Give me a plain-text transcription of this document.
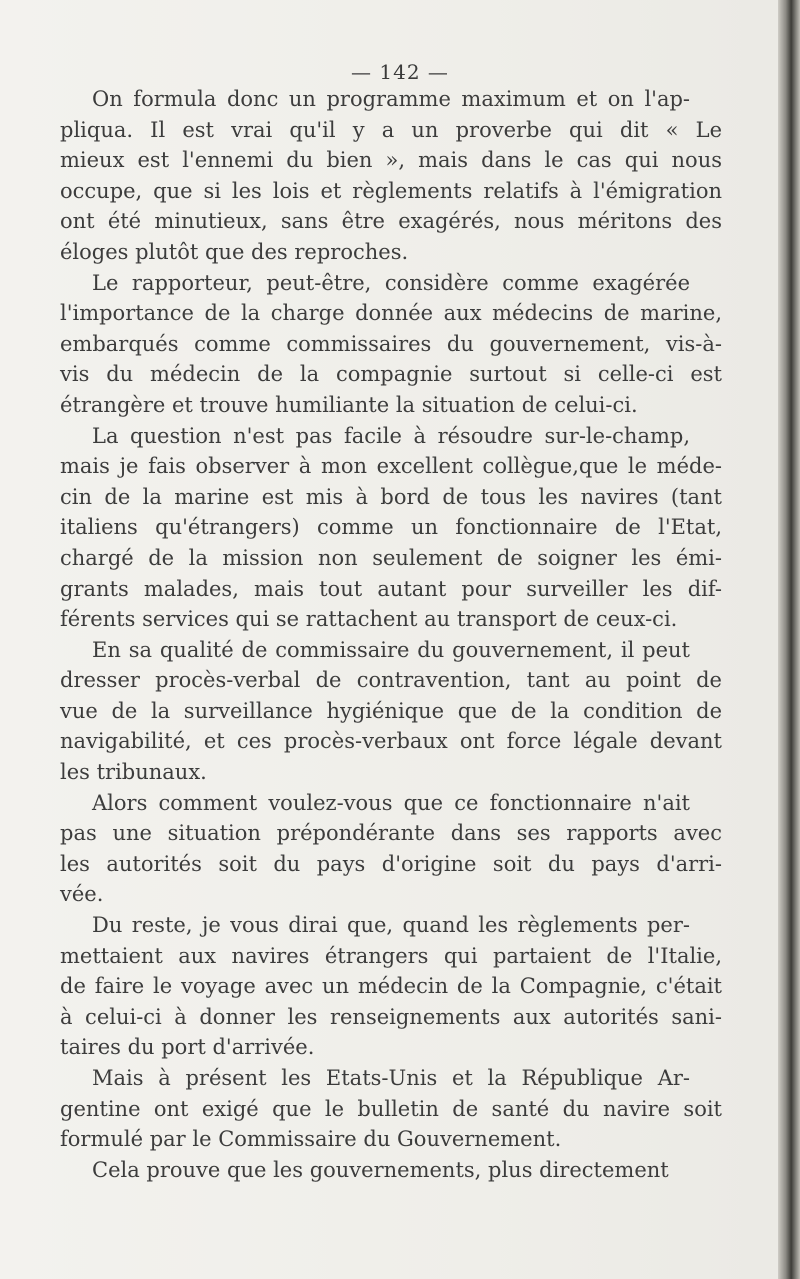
— 142 —

On formula donc un programme maximum et on l'ap-
pliqua. Il est vrai qu'il y a un proverbe qui dit « Le
mieux est l'ennemi du bien », mais dans le cas qui nous
occupe, que si les lois et règlements relatifs à l'émigration
ont été minutieux, sans être exagérés, nous méritons des
éloges plutôt que des reproches.

Le rapporteur, peut-être, considère comme exagérée
l'importance de la charge donnée aux médecins de marine,
embarqués comme commissaires du gouvernement, vis-à-
vis du médecin de la compagnie surtout si celle-ci est
étrangère et trouve humiliante la situation de celui-ci.

La question n'est pas facile à résoudre sur-le-champ,
mais je fais observer à mon excellent collègue,que le méde-
cin de la marine est mis à bord de tous les navires (tant
italiens qu'étrangers) comme un fonctionnaire de l'Etat,
chargé de la mission non seulement de soigner les émi-
grants malades, mais tout autant pour surveiller les dif-
férents services qui se rattachent au transport de ceux-ci.

En sa qualité de commissaire du gouvernement, il peut
dresser procès-verbal de contravention, tant au point de
vue de la surveillance hygiénique que de la condition de
navigabilité, et ces procès-verbaux ont force légale devant
les tribunaux.

Alors comment voulez-vous que ce fonctionnaire n'ait
pas une situation prépondérante dans ses rapports avec
les autorités soit du pays d'origine soit du pays d'arri-
vée.

Du reste, je vous dirai que, quand les règlements per-
mettaient aux navires étrangers qui partaient de l'Italie,
de faire le voyage avec un médecin de la Compagnie, c'était
à celui-ci à donner les renseignements aux autorités sani-
taires du port d'arrivée.

Mais à présent les Etats-Unis et la République Ar-
gentine ont exigé que le bulletin de santé du navire soit
formulé par le Commissaire du Gouvernement.

Cela prouve que les gouvernements, plus directement
